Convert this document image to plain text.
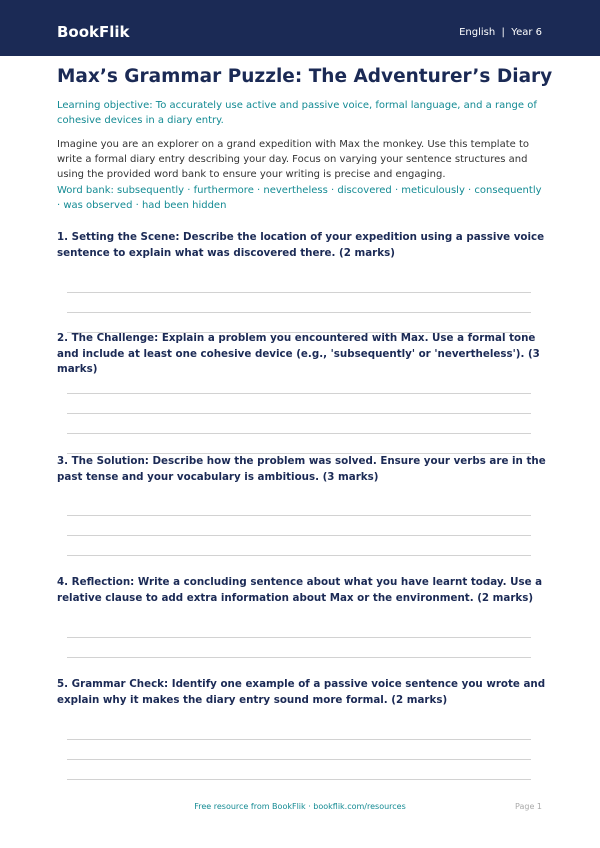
BookFlik	English  |  Year 6
Max’s Grammar Puzzle: The Adventurer’s Diary
Learning objective: To accurately use active and passive voice, formal language, and a range of cohesive devices in a diary entry.
Imagine you are an explorer on a grand expedition with Max the monkey. Use this template to write a formal diary entry describing your day. Focus on varying your sentence structures and using the provided word bank to ensure your writing is precise and engaging.
Word bank: subsequently · furthermore · nevertheless · discovered · meticulously · consequently · was observed · had been hidden
1. Setting the Scene: Describe the location of your expedition using a passive voice sentence to explain what was discovered there. (2 marks)
2. The Challenge: Explain a problem you encountered with Max. Use a formal tone and include at least one cohesive device (e.g., 'subsequently' or 'nevertheless'). (3 marks)
3. The Solution: Describe how the problem was solved. Ensure your verbs are in the past tense and your vocabulary is ambitious. (3 marks)
4. Reflection: Write a concluding sentence about what you have learnt today. Use a relative clause to add extra information about Max or the environment. (2 marks)
5. Grammar Check: Identify one example of a passive voice sentence you wrote and explain why it makes the diary entry sound more formal. (2 marks)
Free resource from BookFlik · bookflik.com/resources	Page 1
